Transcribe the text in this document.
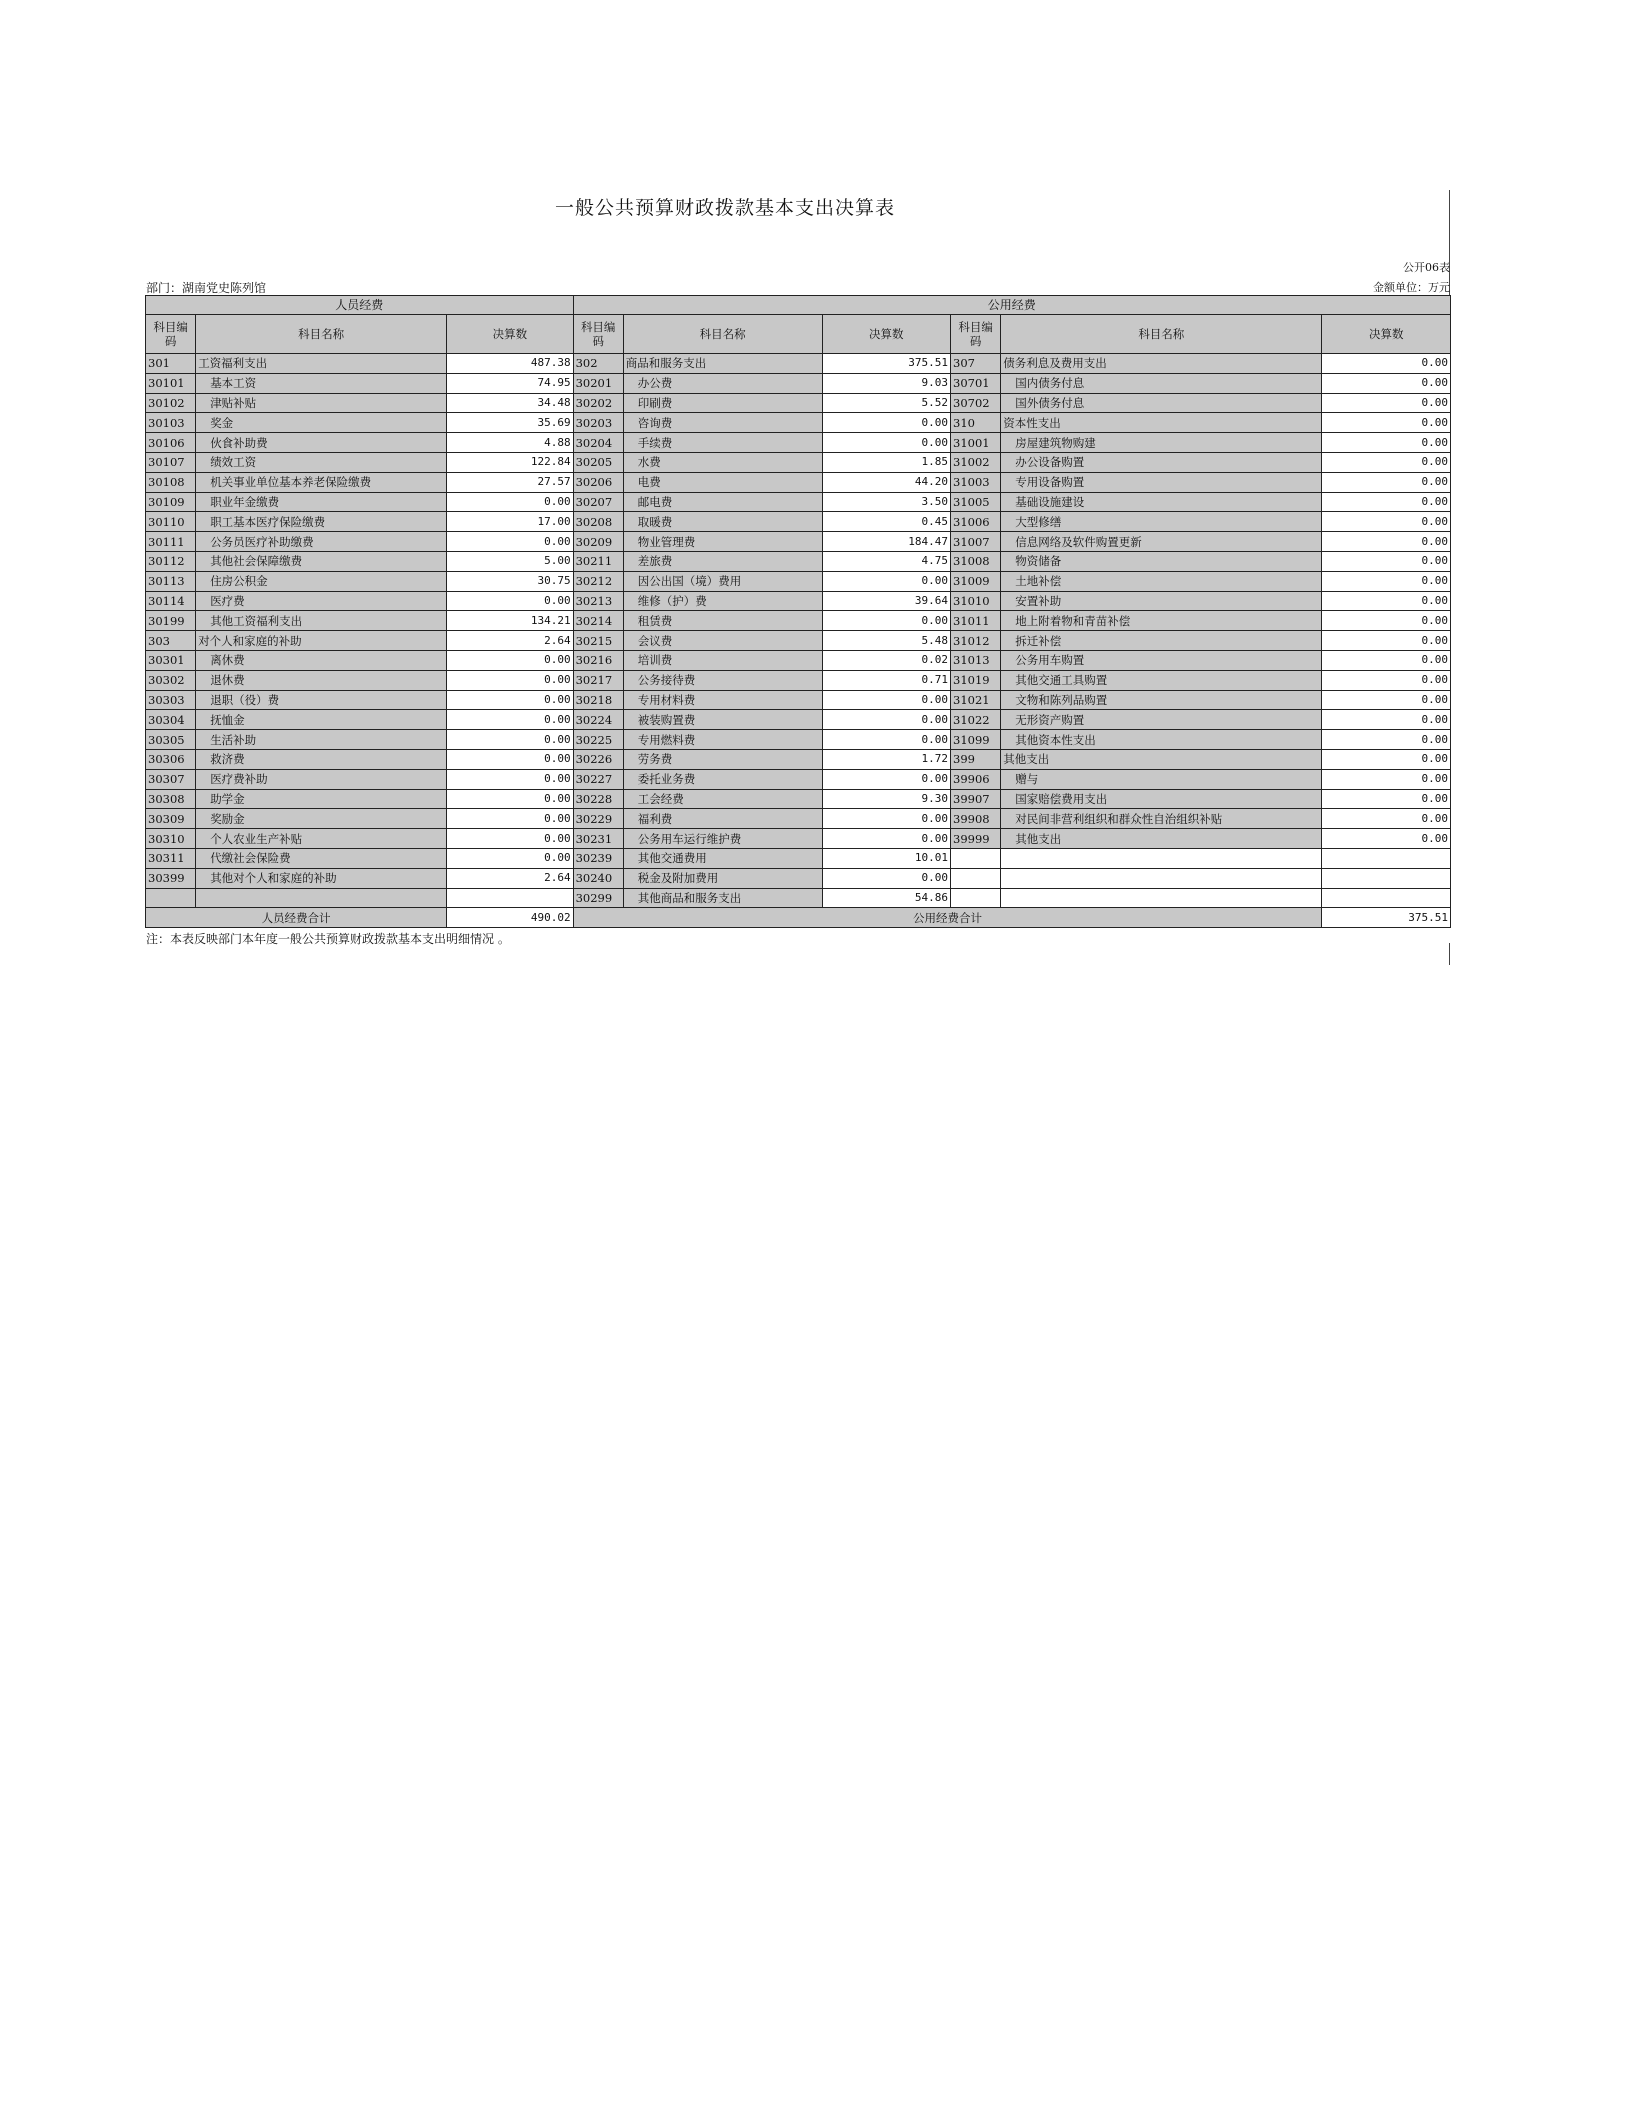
一般公共预算财政拨款基本支出决算表
公开06表
部门：湖南党史陈列馆	金额单位：万元
人员经费			公用经费					
科目编码	科目名称	决算数	科目编码	科目名称	决算数	科目编码	科目名称	决算数
301	工资福利支出	487.38	302	商品和服务支出	375.51	307	债务利息及费用支出	0.00
30101	基本工资	74.95	30201	办公费	9.03	30701	国内债务付息	0.00
30102	津贴补贴	34.48	30202	印刷费	5.52	30702	国外债务付息	0.00
30103	奖金	35.69	30203	咨询费	0.00	310	资本性支出	0.00
30106	伙食补助费	4.88	30204	手续费	0.00	31001	房屋建筑物购建	0.00
30107	绩效工资	122.84	30205	水费	1.85	31002	办公设备购置	0.00
30108	机关事业单位基本养老保险缴费	27.57	30206	电费	44.20	31003	专用设备购置	0.00
30109	职业年金缴费	0.00	30207	邮电费	3.50	31005	基础设施建设	0.00
30110	职工基本医疗保险缴费	17.00	30208	取暖费	0.45	31006	大型修缮	0.00
30111	公务员医疗补助缴费	0.00	30209	物业管理费	184.47	31007	信息网络及软件购置更新	0.00
30112	其他社会保障缴费	5.00	30211	差旅费	4.75	31008	物资储备	0.00
30113	住房公积金	30.75	30212	因公出国（境）费用	0.00	31009	土地补偿	0.00
30114	医疗费	0.00	30213	维修（护）费	39.64	31010	安置补助	0.00
30199	其他工资福利支出	134.21	30214	租赁费	0.00	31011	地上附着物和青苗补偿	0.00
303	对个人和家庭的补助	2.64	30215	会议费	5.48	31012	拆迁补偿	0.00
30301	离休费	0.00	30216	培训费	0.02	31013	公务用车购置	0.00
30302	退休费	0.00	30217	公务接待费	0.71	31019	其他交通工具购置	0.00
30303	退职（役）费	0.00	30218	专用材料费	0.00	31021	文物和陈列品购置	0.00
30304	抚恤金	0.00	30224	被装购置费	0.00	31022	无形资产购置	0.00
30305	生活补助	0.00	30225	专用燃料费	0.00	31099	其他资本性支出	0.00
30306	救济费	0.00	30226	劳务费	1.72	399	其他支出	0.00
30307	医疗费补助	0.00	30227	委托业务费	0.00	39906	赠与	0.00
30308	助学金	0.00	30228	工会经费	9.30	39907	国家赔偿费用支出	0.00
30309	奖励金	0.00	30229	福利费	0.00	39908	对民间非营利组织和群众性自治组织补贴	0.00
30310	个人农业生产补贴	0.00	30231	公务用车运行维护费	0.00	39999	其他支出	0.00
30311	代缴社会保险费	0.00	30239	其他交通费用	10.01			
30399	其他对个人和家庭的补助	2.64	30240	税金及附加费用	0.00			
			30299	其他商品和服务支出	54.86			
人员经费合计		490.02	公用经费合计					375.51
注：本表反映部门本年度一般公共预算财政拨款基本支出明细情况 。
